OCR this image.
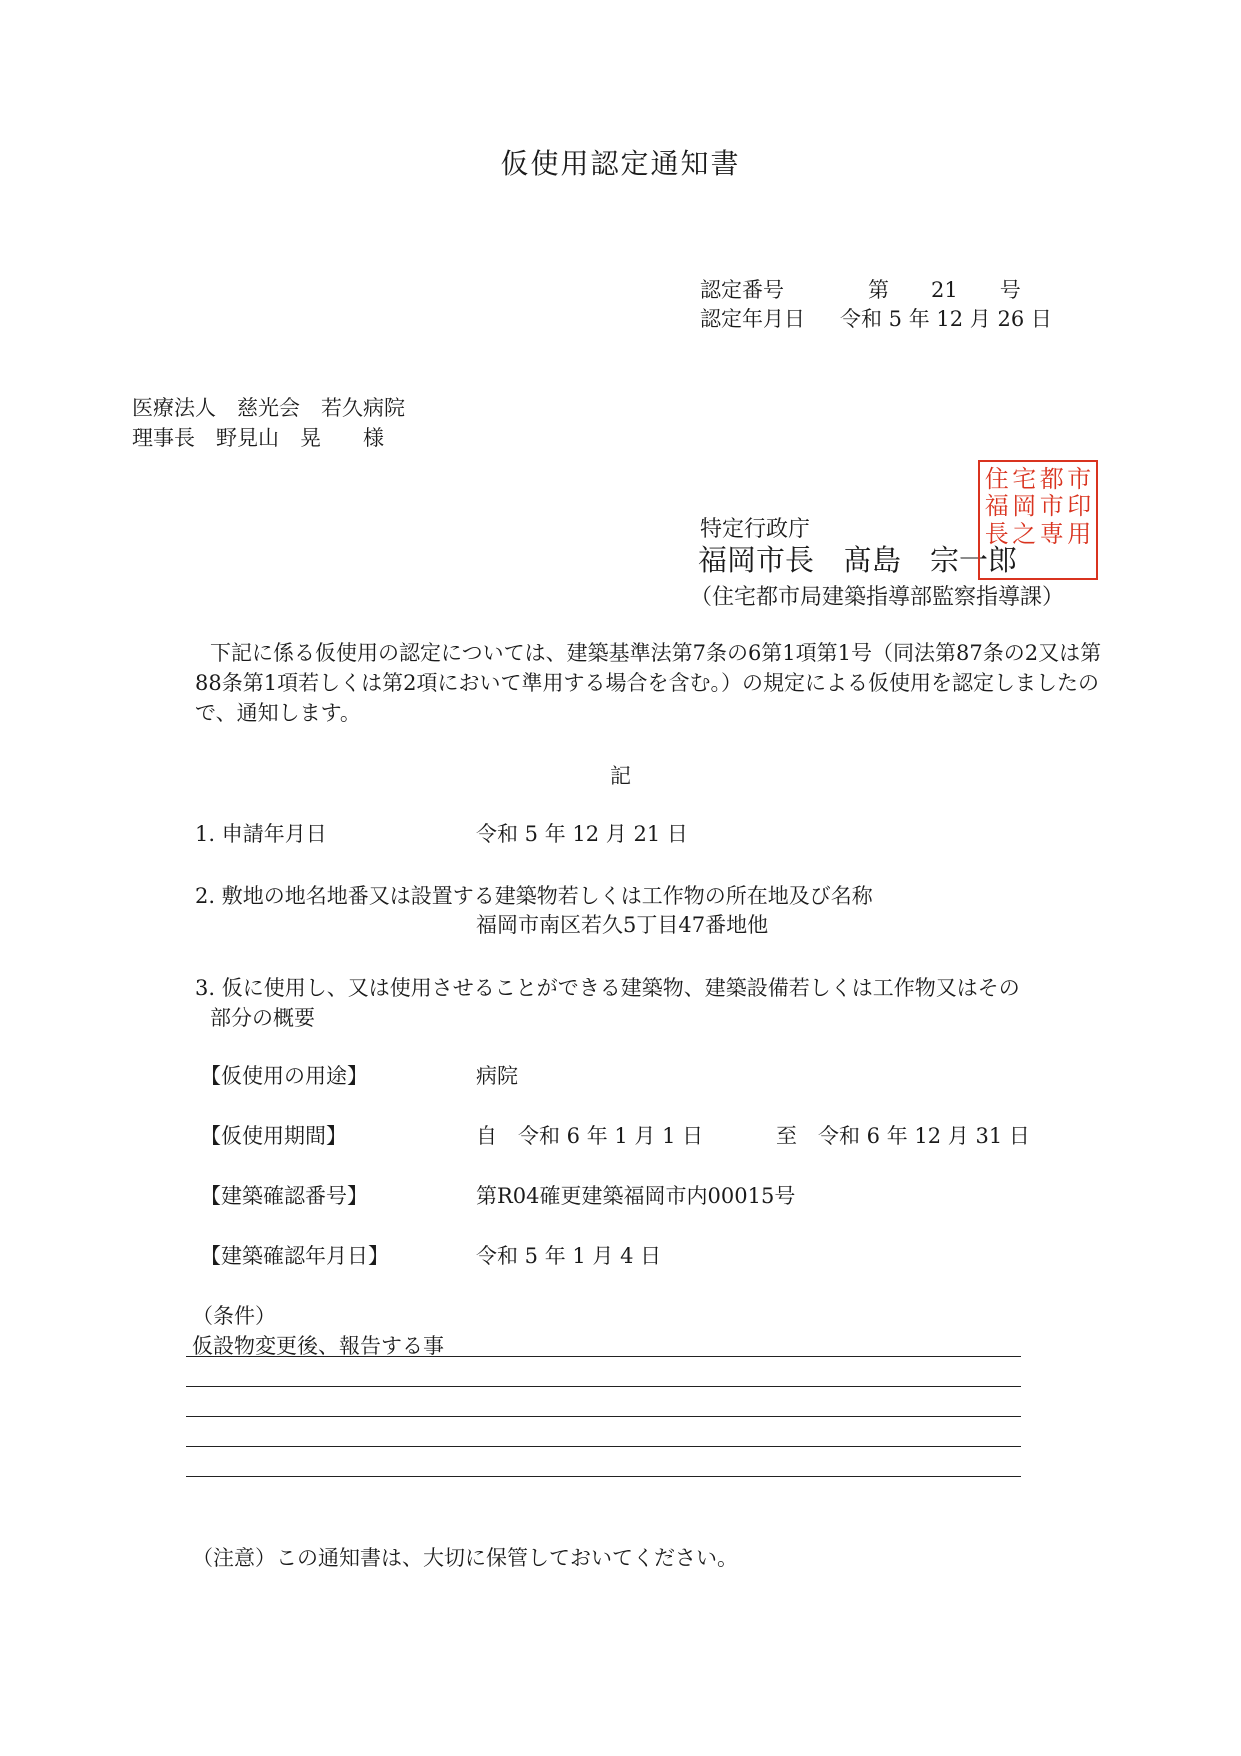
仮使用認定通知書
認定番号	第　　21　　号
認定年月日 令和 5 年 12 月 26 日
医療法人　慈光会　若久病院
理事長　野見山　晃　　様
特定行政庁
福岡市長　髙島　宗一郎
（住宅都市局建築指導部監察指導課）
住 宅 都 市
福 岡 市 印
長 之 専 用
下記に係る仮使用の認定については、建築基準法第7条の6第1項第1号（同法第87条の2又は第88条第1項若しくは第2項において準用する場合を含む。）の規定による仮使用を認定しましたので、通知します。
記
1. 申請年月日	令和 5 年 12 月 21 日
2. 敷地の地名地番又は設置する建築物若しくは工作物の所在地及び名称
福岡市南区若久5丁目47番地他
3. 仮に使用し、又は使用させることができる建築物、建築設備若しくは工作物又はその
部分の概要
【仮使用の用途】	病院
【仮使用期間】	自　令和 6 年 1 月 1 日	至　令和 6 年 12 月 31 日
【建築確認番号】	第R04確更建築福岡市内00015号
【建築確認年月日】	令和 5 年 1 月 4 日
（条件）
仮設物変更後、報告する事
（注意）この通知書は、大切に保管しておいてください。
